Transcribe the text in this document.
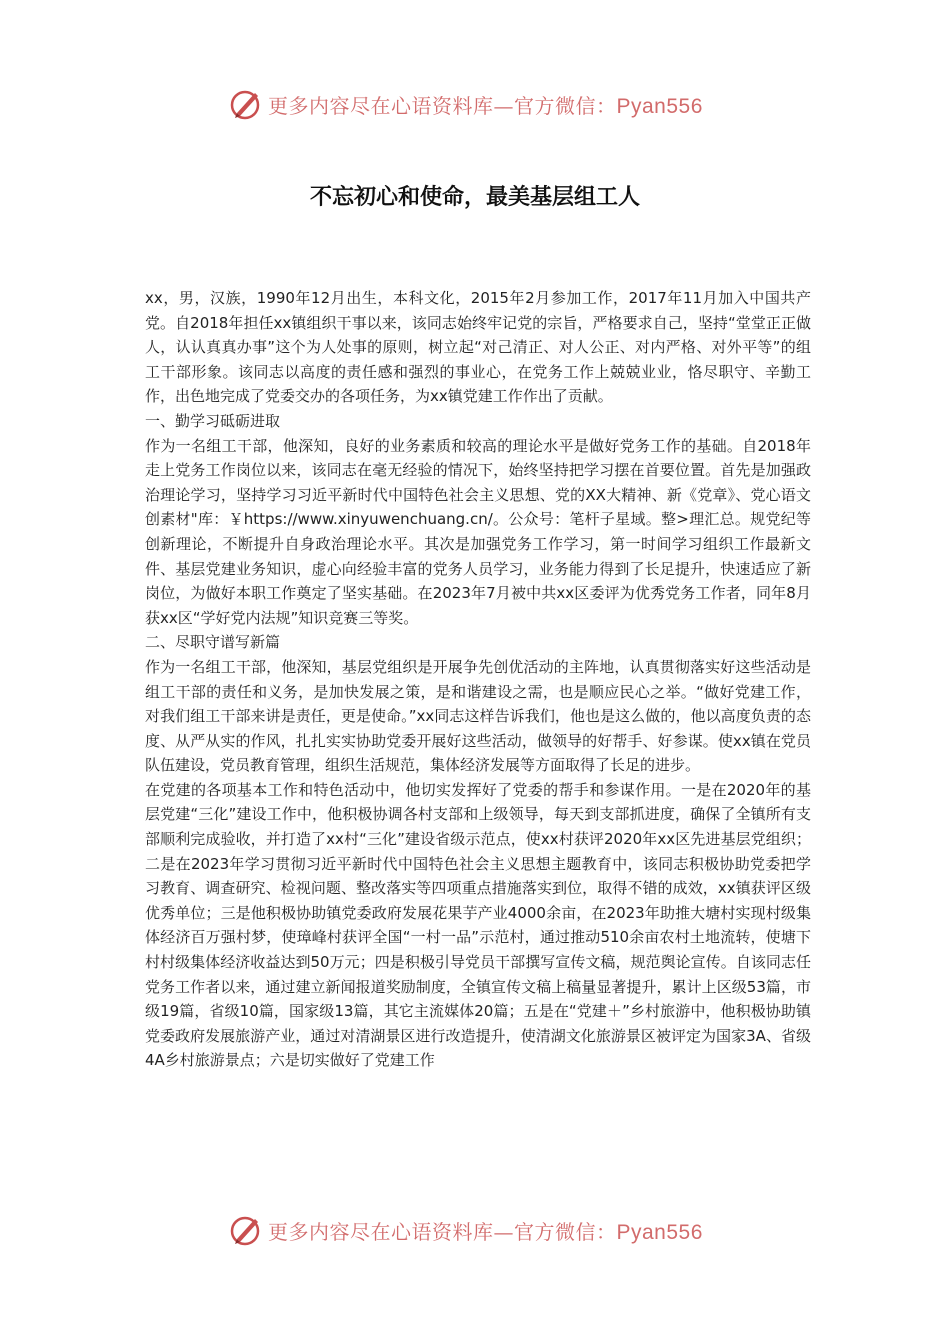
更多内容尽在心语资料库—官方微信：Pyan556
不忘初心和使命，最美基层组工人

xx，男，汉族，1990年12月出生，本科文化，2015年2月参加工作，2017年11月加入中国共产党。自2018年担任xx镇组织干事以来，该同志始终牢记党的宗旨，严格要求自己，坚持“堂堂正正做人，认认真真办事”这个为人处事的原则，树立起“对己清正、对人公正、对内严格、对外平等”的组工干部形象。该同志以高度的责任感和强烈的事业心，在党务工作上兢兢业业，恪尽职守、辛勤工作，出色地完成了党委交办的各项任务，为xx镇党建工作作出了贡献。

一、勤学习砥砺进取

作为一名组工干部，他深知，良好的业务素质和较高的理论水平是做好党务工作的基础。自2018年走上党务工作岗位以来，该同志在毫无经验的情况下，始终坚持把学习摆在首要位置。首先是加强政治理论学习，坚持学习习近平新时代中国特色社会主义思想、党的XX大精神、新《党章》、党心语文创素材"库：￥https://www.xinyuwenchuang.cn/。公众号：笔杆子星域。整>理汇总。规党纪等创新理论，不断提升自身政治理论水平。其次是加强党务工作学习，第一时间学习组织工作最新文件、基层党建业务知识，虚心向经验丰富的党务人员学习，业务能力得到了长足提升，快速适应了新岗位，为做好本职工作奠定了坚实基础。在2023年7月被中共xx区委评为优秀党务工作者，同年8月获xx区“学好党内法规”知识竞赛三等奖。

二、尽职守谱写新篇

作为一名组工干部，他深知，基层党组织是开展争先创优活动的主阵地，认真贯彻落实好这些活动是组工干部的责任和义务，是加快发展之策，是和谐建设之需，也是顺应民心之举。“做好党建工作，对我们组工干部来讲是责任，更是使命。”xx同志这样告诉我们，他也是这么做的，他以高度负责的态度、从严从实的作风，扎扎实实协助党委开展好这些活动，做领导的好帮手、好参谋。使xx镇在党员队伍建设，党员教育管理，组织生活规范，集体经济发展等方面取得了长足的进步。

在党建的各项基本工作和特色活动中，他切实发挥好了党委的帮手和参谋作用。一是在2020年的基层党建“三化”建设工作中，他积极协调各村支部和上级领导，每天到支部抓进度，确保了全镇所有支部顺利完成验收，并打造了xx村“三化”建设省级示范点，使xx村获评2020年xx区先进基层党组织；二是在2023年学习贯彻习近平新时代中国特色社会主义思想主题教育中，该同志积极协助党委把学习教育、调查研究、检视问题、整改落实等四项重点措施落实到位，取得不错的成效，xx镇获评区级优秀单位；三是他积极协助镇党委政府发展花果芋产业4000余亩，在2023年助推大塘村实现村级集体经济百万强村梦，使璋峰村获评全国“一村一品”示范村，通过推动510余亩农村土地流转，使塘下村村级集体经济收益达到50万元；四是积极引导党员干部撰写宣传文稿，规范舆论宣传。自该同志任党务工作者以来，通过建立新闻报道奖励制度，全镇宣传文稿上稿量显著提升，累计上区级53篇，市级19篇，省级10篇，国家级13篇，其它主流媒体20篇；五是在“党建＋”乡村旅游中，他积极协助镇党委政府发展旅游产业，通过对清湖景区进行改造提升，使清湖文化旅游景区被评定为国家3A、省级4A乡村旅游景点；六是切实做好了党建工作

更多内容尽在心语资料库—官方微信：Pyan556
